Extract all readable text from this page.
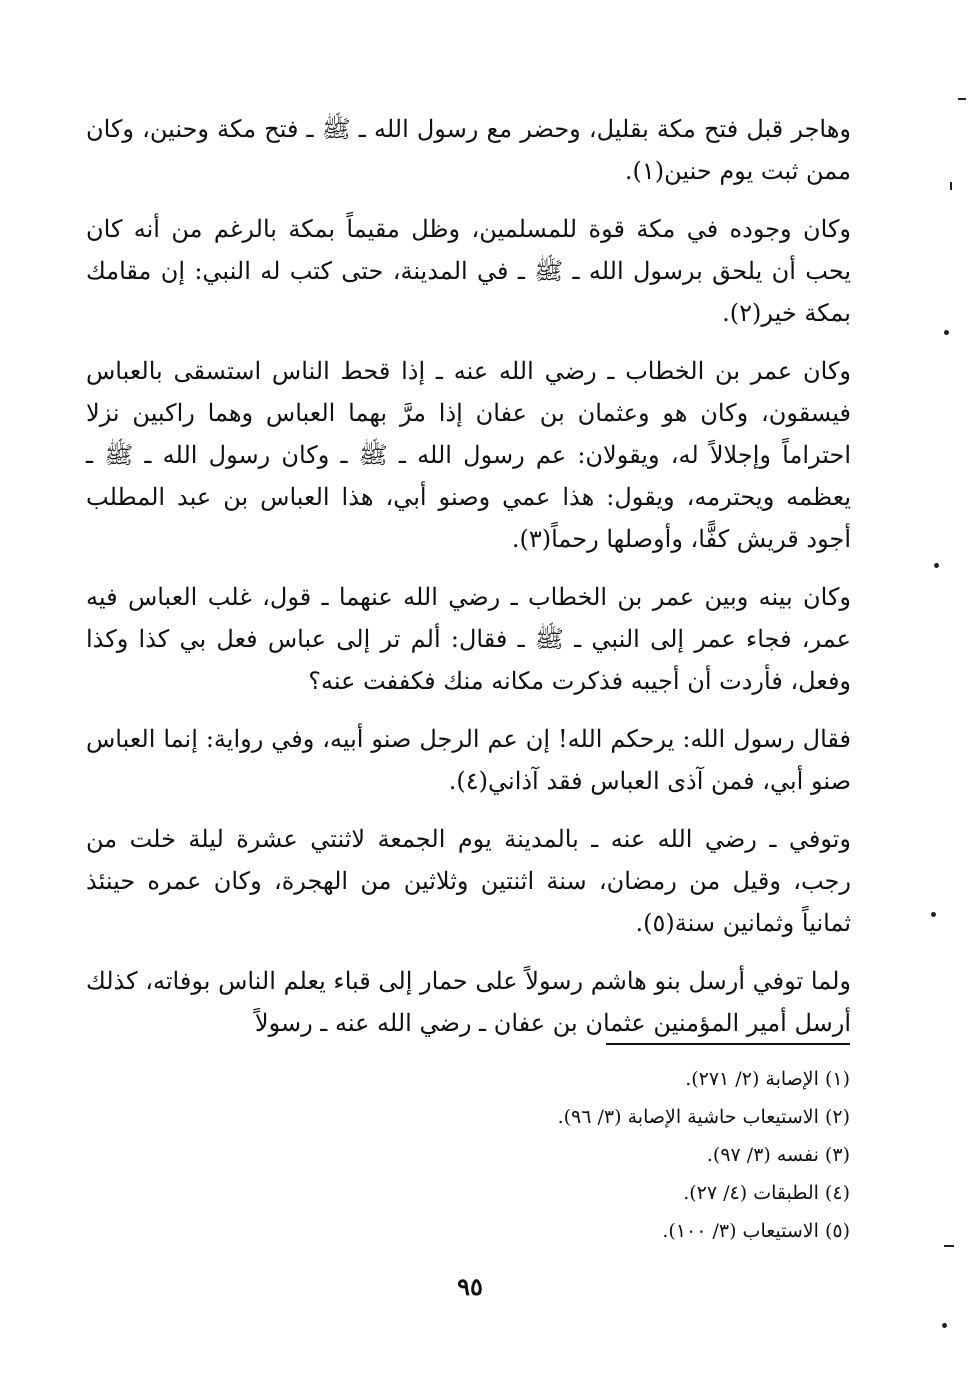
وهاجر قبل فتح مكة بقليل، وحضر مع رسول الله ـ ﷺ ـ فتح مكة وحنين، وكان ممن ثبت يوم حنين(١).

وكان وجوده في مكة قوة للمسلمين، وظل مقيماً بمكة بالرغم من أنه كان يحب أن يلحق برسول الله ـ ﷺ ـ في المدينة، حتى كتب له النبي: إن مقامك بمكة خير(٢).

وكان عمر بن الخطاب ـ رضي الله عنه ـ إذا قحط الناس استسقى بالعباس فيسقون، وكان هو وعثمان بن عفان إذا مرَّ بهما العباس وهما راكبين نزلا احتراماً وإجلالاً له، ويقولان: عم رسول الله ـ ﷺ ـ وكان رسول الله ـ ﷺ ـ يعظمه ويحترمه، ويقول: هذا عمي وصنو أبي، هذا العباس بن عبد المطلب أجود قريش كفًّا، وأوصلها رحماً(٣).

وكان بينه وبين عمر بن الخطاب ـ رضي الله عنهما ـ قول، غلب العباس فيه عمر، فجاء عمر إلى النبي ـ ﷺ ـ فقال: ألم تر إلى عباس فعل بي كذا وكذا وفعل، فأردت أن أجيبه فذكرت مكانه منك فكففت عنه؟

فقال رسول الله: يرحكم الله! إن عم الرجل صنو أبيه، وفي رواية: إنما العباس صنو أبي، فمن آذى العباس فقد آذاني(٤).

وتوفي ـ رضي الله عنه ـ بالمدينة يوم الجمعة لاثنتي عشرة ليلة خلت من رجب، وقيل من رمضان، سنة اثنتين وثلاثين من الهجرة، وكان عمره حينئذ ثمانياً وثمانين سنة(٥).

ولما توفي أرسل بنو هاشم رسولاً على حمار إلى قباء يعلم الناس بوفاته، كذلك أرسل أمير المؤمنين عثمان بن عفان ـ رضي الله عنه ـ رسولاً

(١) الإصابة (٢/ ٢٧١).

(٢) الاستيعاب حاشية الإصابة (٣/ ٩٦).

(٣) نفسه (٣/ ٩٧).

(٤) الطبقات (٤/ ٢٧).

(٥) الاستيعاب (٣/ ١٠٠).

٩٥
